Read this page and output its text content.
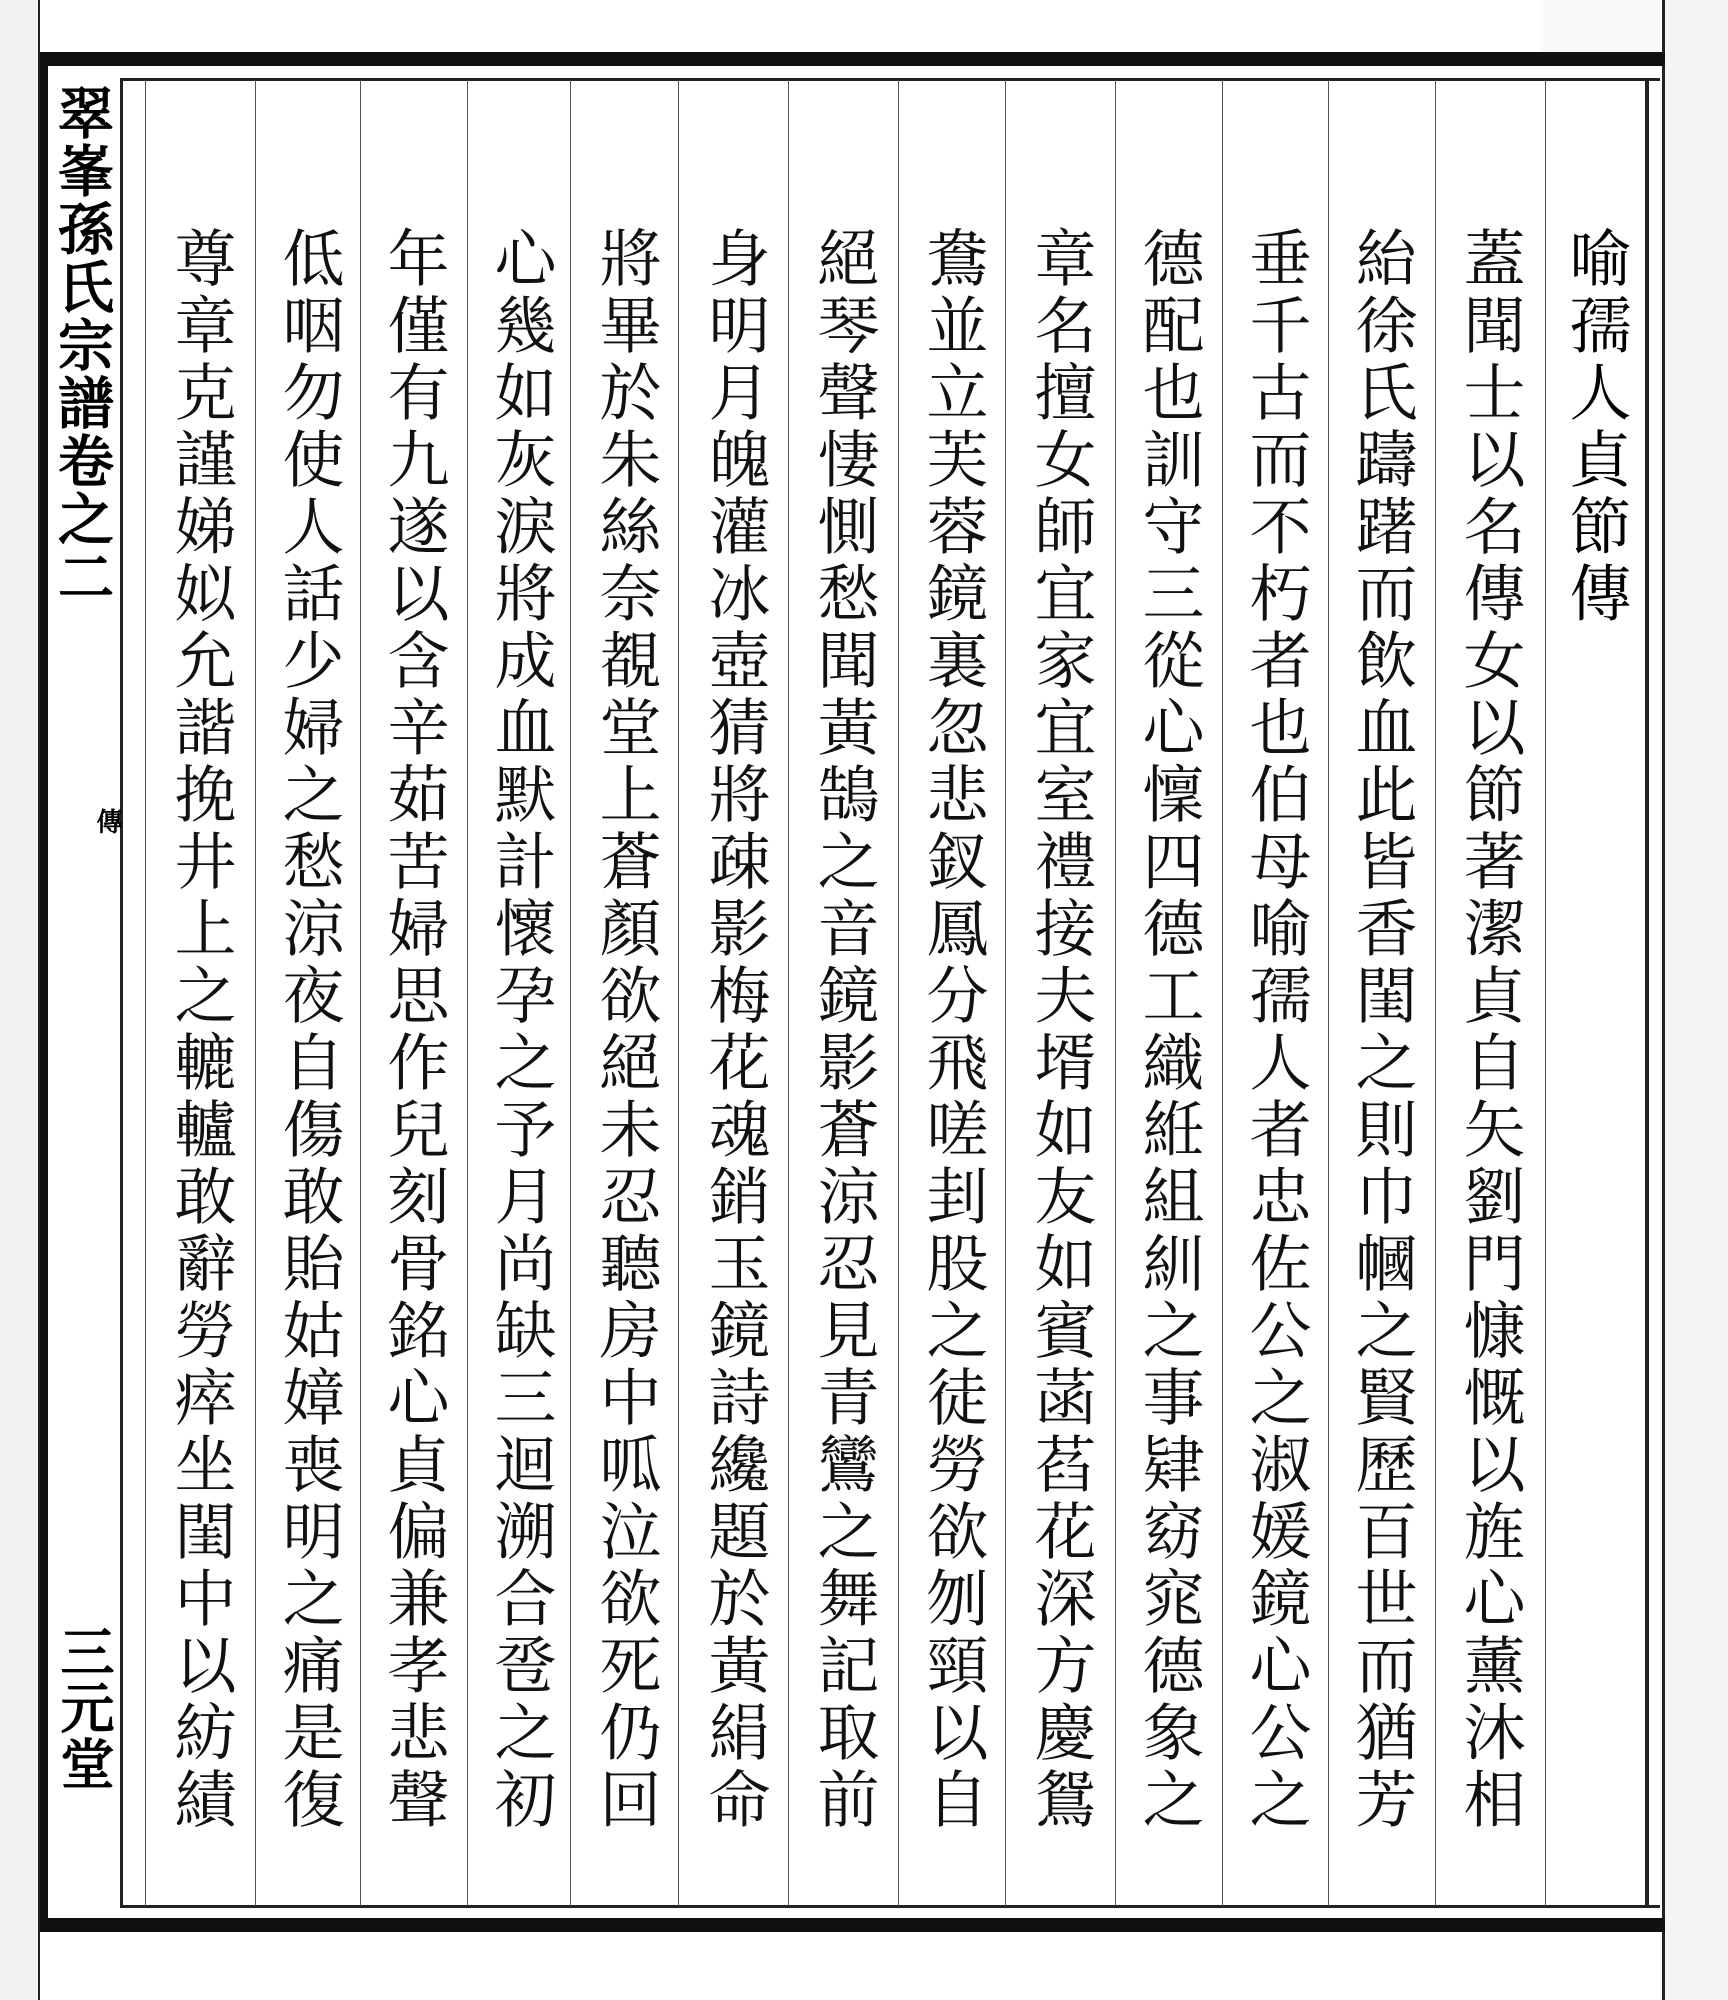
翠峯孫氏宗譜卷之二
傳
三元堂
喻孺人貞節傳
蓋聞士以名傳女以節著潔貞自矢劉門慷慨以旌心薰沐相
紿徐氏躊躇而飲血此皆香閨之則巾幗之賢歷百世而猶芳
垂千古而不朽者也伯母喻孺人者忠佐公之淑媛鏡心公之
德配也訓守三從心懍四德工織絍組紃之事肄窈窕德象之
章名擅女師宜家宜室禮接夫壻如友如賓菡萏花深方慶鴛
鴦並立芙蓉鏡裏忽悲釵鳳分飛嗟刲股之徒勞欲刎頸以自
絕琴聲悽惻愁聞黃鵠之音鏡影蒼涼忍見青鸞之舞記取前
身明月魄灌冰壺猜將疎影梅花魂銷玉鏡詩纔題於黃絹命
將畢於朱絲奈覩堂上蒼顏欲絕未忍聽房中呱泣欲死仍回
心幾如灰淚將成血默計懷孕之予月尚缺三迴溯合卺之初
年僅有九遂以含辛茹苦婦思作兒刻骨銘心貞偏兼孝悲聲
低咽勿使人話少婦之愁涼夜自傷敢貽姑嫜喪明之痛是復
尊章克謹娣姒允諧挽井上之轆轤敢辭勞瘁坐閨中以紡績
